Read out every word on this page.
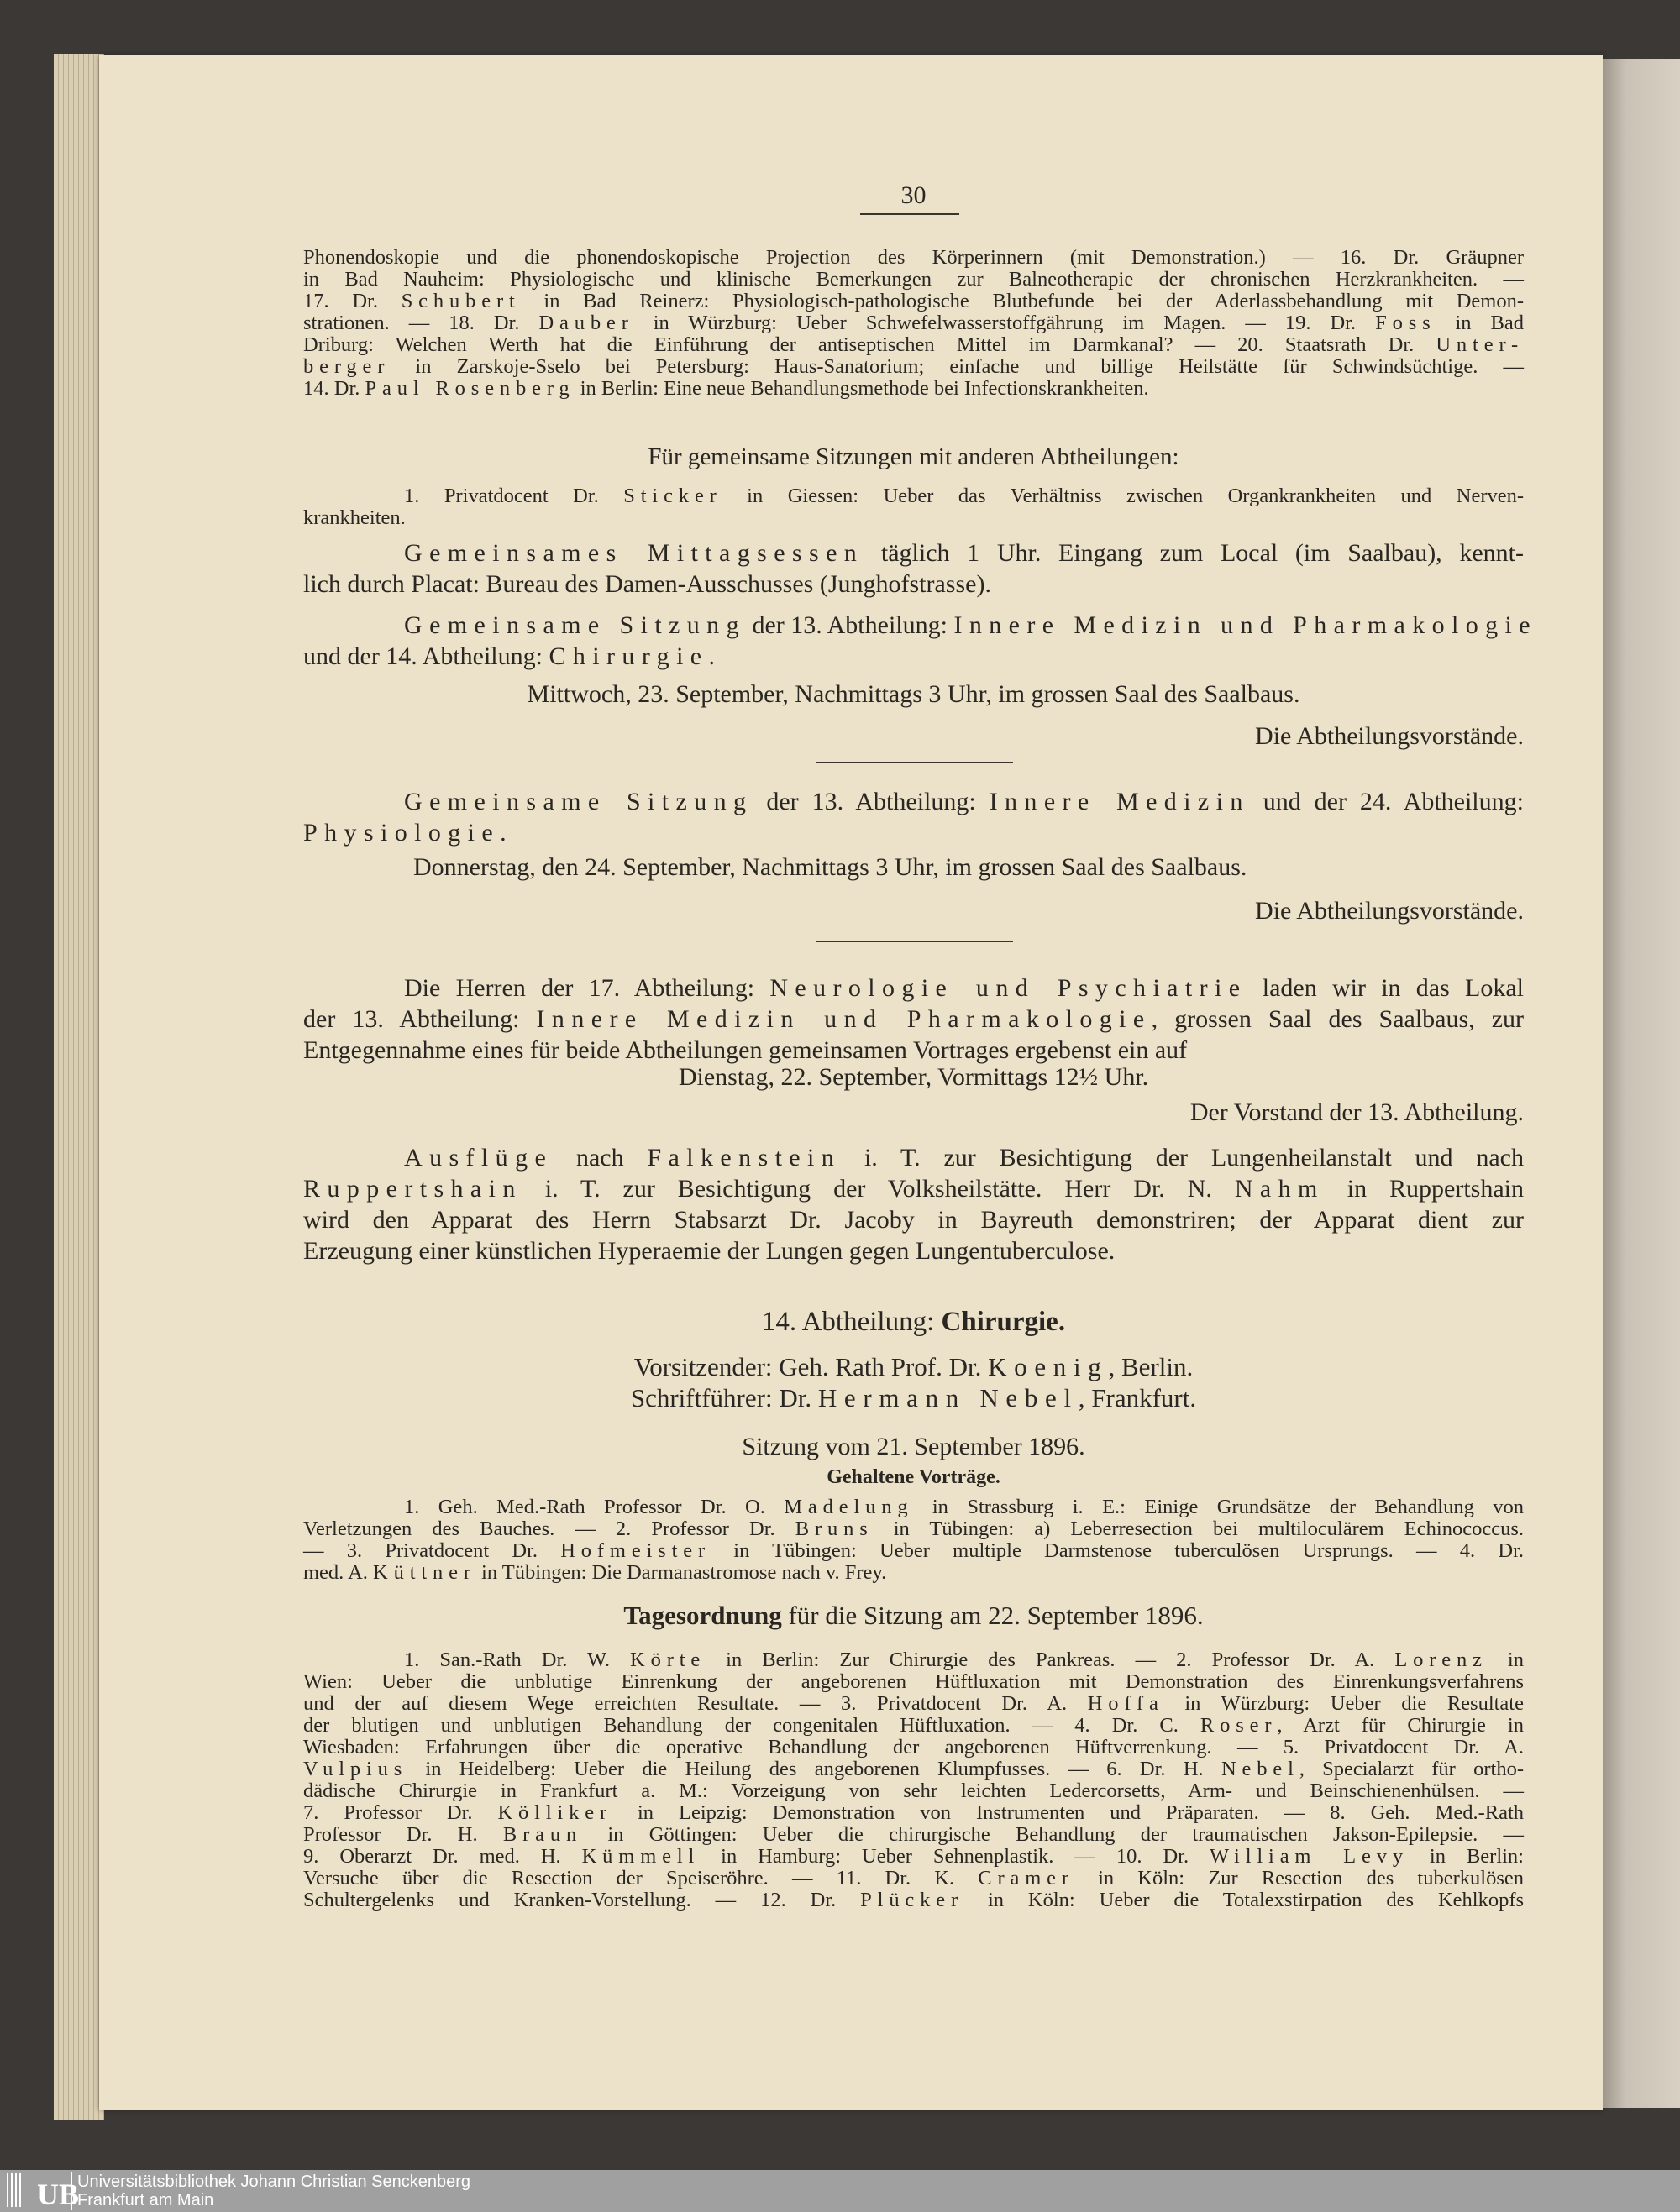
30
Phonendoskopie und die phonendoskopische Projection des Körperinnern (mit Demonstration.) — 16. Dr. Gräupner
in Bad Nauheim: Physiologische und klinische Bemerkungen zur Balneotherapie der chronischen Herzkrankheiten. —
17. Dr. Schubert in Bad Reinerz: Physiologisch-pathologische Blutbefunde bei der Aderlassbehandlung mit Demon-
strationen. — 18. Dr. Dauber in Würzburg: Ueber Schwefelwasserstoffgährung im Magen. — 19. Dr. Foss in Bad
Driburg: Welchen Werth hat die Einführung der antiseptischen Mittel im Darmkanal? — 20. Staatsrath Dr. Unter-
berger in Zarskoje-Sselo bei Petersburg: Haus-Sanatorium; einfache und billige Heilstätte für Schwindsüchtige. —
14. Dr. Paul Rosenberg in Berlin: Eine neue Behandlungsmethode bei Infectionskrankheiten.
Für gemeinsame Sitzungen mit anderen Abtheilungen:
1. Privatdocent Dr. Sticker in Giessen: Ueber das Verhältniss zwischen Organkrankheiten und Nerven-
krankheiten.
Gemeinsames Mittagsessen täglich 1 Uhr. Eingang zum Local (im Saalbau), kennt-
lich durch Placat: Bureau des Damen-Ausschusses (Junghofstrasse).
Gemeinsame Sitzung der 13. Abtheilung: Innere Medizin und Pharmakologie
und der 14. Abtheilung: Chirurgie.
Mittwoch, 23. September, Nachmittags 3 Uhr, im grossen Saal des Saalbaus.
Die Abtheilungsvorstände.
Gemeinsame Sitzung der 13. Abtheilung: Innere Medizin und der 24. Abtheilung:
Physiologie.
Donnerstag, den 24. September, Nachmittags 3 Uhr, im grossen Saal des Saalbaus.
Die Abtheilungsvorstände.
Die Herren der 17. Abtheilung: Neurologie und Psychiatrie laden wir in das Lokal
der 13. Abtheilung: Innere Medizin und Pharmakologie, grossen Saal des Saalbaus, zur
Entgegennahme eines für beide Abtheilungen gemeinsamen Vortrages ergebenst ein auf
Dienstag, 22. September, Vormittags 12½ Uhr.
Der Vorstand der 13. Abtheilung.
Ausflüge nach Falkenstein i. T. zur Besichtigung der Lungenheilanstalt und nach
Ruppertshain i. T. zur Besichtigung der Volksheilstätte. Herr Dr. N. Nahm in Ruppertshain
wird den Apparat des Herrn Stabsarzt Dr. Jacoby in Bayreuth demonstriren; der Apparat dient zur
Erzeugung einer künstlichen Hyperaemie der Lungen gegen Lungentuberculose.
14. Abtheilung: Chirurgie.
Vorsitzender: Geh. Rath Prof. Dr. Koenig, Berlin.
Schriftführer: Dr. Hermann Nebel, Frankfurt.
Sitzung vom 21. September 1896.
Gehaltene Vorträge.
1. Geh. Med.-Rath Professor Dr. O. Madelung in Strassburg i. E.: Einige Grundsätze der Behandlung von
Verletzungen des Bauches. — 2. Professor Dr. Bruns in Tübingen: a) Leberresection bei multiloculärem Echinococcus.
— 3. Privatdocent Dr. Hofmeister in Tübingen: Ueber multiple Darmstenose tuberculösen Ursprungs. — 4. Dr.
med. A. Küttner in Tübingen: Die Darmanastromose nach v. Frey.
Tagesordnung für die Sitzung am 22. September 1896.
1. San.-Rath Dr. W. Körte in Berlin: Zur Chirurgie des Pankreas. — 2. Professor Dr. A. Lorenz in
Wien: Ueber die unblutige Einrenkung der angeborenen Hüftluxation mit Demonstration des Einrenkungsverfahrens
und der auf diesem Wege erreichten Resultate. — 3. Privatdocent Dr. A. Hoffa in Würzburg: Ueber die Resultate
der blutigen und unblutigen Behandlung der congenitalen Hüftluxation. — 4. Dr. C. Roser, Arzt für Chirurgie in
Wiesbaden: Erfahrungen über die operative Behandlung der angeborenen Hüftverrenkung. — 5. Privatdocent Dr. A.
Vulpius in Heidelberg: Ueber die Heilung des angeborenen Klumpfusses. — 6. Dr. H. Nebel, Specialarzt für ortho-
dädische Chirurgie in Frankfurt a. M.: Vorzeigung von sehr leichten Ledercorsetts, Arm- und Beinschienenhülsen. —
7. Professor Dr. Kölliker in Leipzig: Demonstration von Instrumenten und Präparaten. — 8. Geh. Med.-Rath
Professor Dr. H. Braun in Göttingen: Ueber die chirurgische Behandlung der traumatischen Jakson-Epilepsie. —
9. Oberarzt Dr. med. H. Kümmell in Hamburg: Ueber Sehnenplastik. — 10. Dr. William Levy in Berlin:
Versuche über die Resection der Speiseröhre. — 11. Dr. K. Cramer in Köln: Zur Resection des tuberkulösen
Schultergelenks und Kranken-Vorstellung. — 12. Dr. Plücker in Köln: Ueber die Totalexstirpation des Kehlkopfs
UB
Universitätsbibliothek Johann Christian Senckenberg
Frankfurt am Main
